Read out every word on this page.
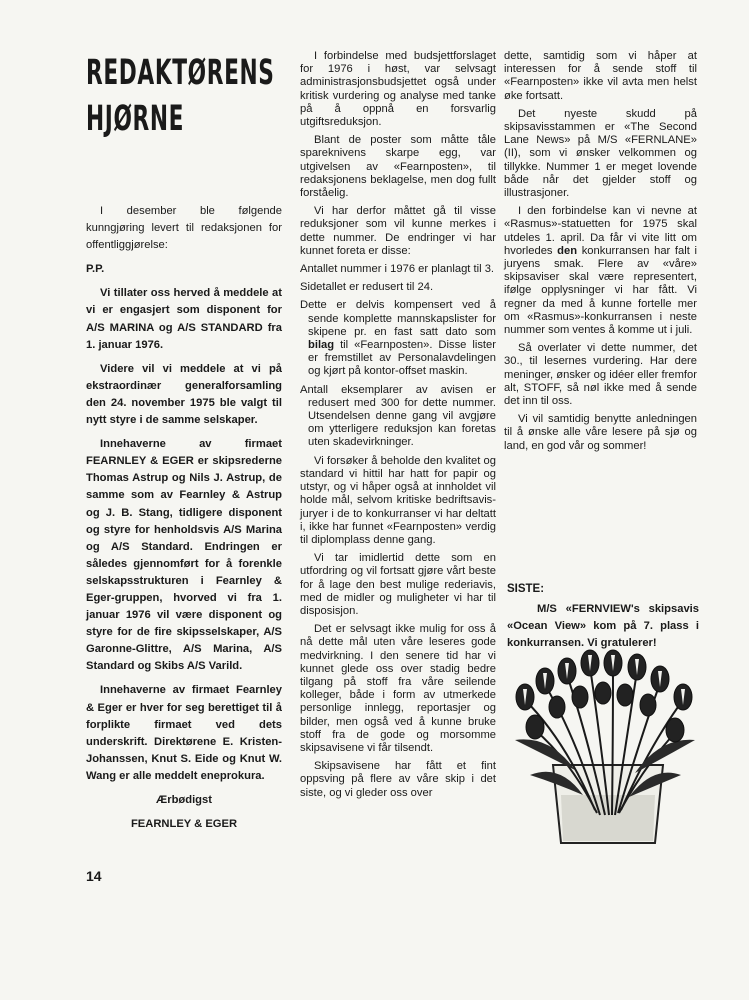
REDAKTØRENS
HJØRNE

I desember ble følgende kunngjøring levert til redaksjonen for offentliggjørelse:

P.P.

Vi tillater oss herved å meddele at vi er engasjert som disponent for A/S MARINA og A/S STANDARD fra 1. januar 1976.

Videre vil vi meddele at vi på ekstraordinær generalforsamling den 24. november 1975 ble valgt til nytt styre i de samme selskaper.

Innehaverne av firmaet FEARNLEY & EGER er skipsrederne Thomas Astrup og Nils J. Astrup, de samme som av Fearnley & Astrup og J. B. Stang, tidligere disponent og styre for henholdsvis A/S Marina og A/S Standard. Endringen er således gjennomført for å forenkle selskapsstrukturen i Fearnley & Eger-gruppen, hvorved vi fra 1. januar 1976 vil være disponent og styre for de fire skipsselskaper, A/S Garonne-Glittre, A/S Marina, A/S Standard og Skibs A/S Varild.

Innehaverne av firmaet Fearnley & Eger er hver for seg berettiget til å forplikte firmaet ved dets underskrift. Direktørene E. Kristen-Johanssen, Knut S. Eide og Knut W. Wang er alle meddelt eneprokura.

Ærbødigst

FEARNLEY & EGER

I forbindelse med budsjettforslaget for 1976 i høst, var selvsagt administrasjonsbudsjettet også under kritisk vurdering og analyse med tanke på å oppnå en forsvarlig utgiftsreduksjon.

Blant de poster som måtte tåle spareknivens skarpe egg, var utgivelsen av «Fearnposten», til redaksjonens beklagelse, men dog fullt forståelig.

Vi har derfor måttet gå til visse reduksjoner som vil kunne merkes i dette nummer. De endringer vi har kunnet foreta er disse:

Antallet nummer i 1976 er planlagt til 3.

Sidetallet er redusert til 24.

Dette er delvis kompensert ved å sende komplette mannskapslister for skipene pr. en fast satt dato som bilag til «Fearnposten». Disse lister er fremstillet av Personalavdelingen og kjørt på kontor-offset maskin.

Antall eksemplarer av avisen er redusert med 300 for dette nummer. Utsendelsen denne gang vil avgjøre om ytterligere reduksjon kan foretas uten skadevirkninger.

Vi forsøker å beholde den kvalitet og standard vi hittil har hatt for papir og utstyr, og vi håper også at innholdet vil holde mål, selvom kritiske bedriftsavis-juryer i de to konkurranser vi har deltatt i, ikke har funnet «Fearnposten» verdig til diplomplass denne gang.

Vi tar imidlertid dette som en utfordring og vil fortsatt gjøre vårt beste for å lage den best mulige rederiavis, med de midler og muligheter vi har til disposisjon.

Det er selvsagt ikke mulig for oss å nå dette mål uten våre leseres gode medvirkning. I den senere tid har vi kunnet glede oss over stadig bedre tilgang på stoff fra våre seilende kolleger, både i form av utmerkede personlige innlegg, reportasjer og bilder, men også ved å kunne bruke stoff fra de gode og morsomme skipsavisene vi får tilsendt.

Skipsavisene har fått et fint oppsving på flere av våre skip i det siste, og vi gleder oss over

dette, samtidig som vi håper at interessen for å sende stoff til «Fearnposten» ikke vil avta men helst øke fortsatt.

Det nyeste skudd på skipsavisstammen er «The Second Lane News» på M/S «FERNLANE» (II), som vi ønsker velkommen og tillykke. Nummer 1 er meget lovende både når det gjelder stoff og illustrasjoner.

I den forbindelse kan vi nevne at «Rasmus»-statuetten for 1975 skal utdeles 1. april. Da får vi vite litt om hvorledes den konkurransen har falt i juryens smak. Flere av «våre» skipsaviser skal være representert, ifølge opplysninger vi har fått. Vi regner da med å kunne fortelle mer om «Rasmus»-konkurransen i neste nummer som ventes å komme ut i juli.

Så overlater vi dette nummer, det 30., til lesernes vurdering. Har dere meninger, ønsker og idéer eller fremfor alt, STOFF, så nøl ikke med å sende det inn til oss.

Vi vil samtidig benytte anledningen til å ønske alle våre lesere på sjø og land, en god vår og sommer!

SISTE:
M/S «FERNVIEW's skipsavis «Ocean View» kom på 7. plass i konkurransen. Vi gratulerer!
14
